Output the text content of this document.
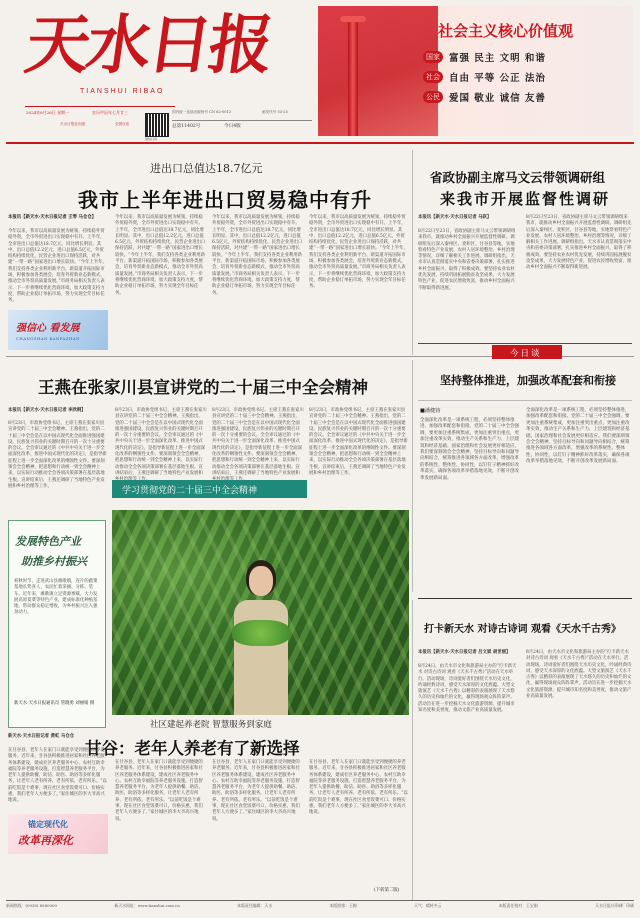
天水日报
TIANSHUI RIBAO
2024年8月26日 星期一	农历甲辰年七月廿三
天水日报社出版	全国百佳
微信扫码
国内统一连续出版物号 CN 62-0013	邮发代号 53-25
总第11402号	今日4版
社会主义核心价值观
国家 富强 民主 文明 和谐
社会 自由 平等 公正 法治
公民 爱国 敬业 诚信 友善
进出口总值达18.7亿元
我市上半年进出口贸易稳中有升
本报讯【新天水·天水日报记者 王琴 马仓仓】
今年以来，我市以高质量发展为统领，持续稳外贸稳外资，全市外贸进出口实现稳中有升。上半年，全市进出口总值达18.7亿元，同比增长明显。其中，出口总值12.2亿元，进口总值6.5亿元，外贸结构持续优化，民营企业进出口保持活跃，对共建“一带一路”国家进出口增长较快。“今年上半年，我们支持各类企业利用新平台、新渠道开拓国际市场，积极参加各类展会，培育外贸新业态新模式，推动全市外贸高质量发展。”市商务局相关负责人表示，下一步将继续优化营商环境，加大政策支持力度，帮助企业稳订单拓市场，努力实现全年目标任务。
强信心 看发展
CHANGSHAN KANFAZHAN
今年以来，我市以高质量发展为统领，持续稳外贸稳外资，全市外贸进出口实现稳中有升。上半年，全市进出口总值达18.7亿元，同比增长明显。其中，出口总值12.2亿元，进口总值6.5亿元，外贸结构持续优化，民营企业进出口保持活跃，对共建“一带一路”国家进出口增长较快。“今年上半年，我们支持各类企业利用新平台、新渠道开拓国际市场，积极参加各类展会，培育外贸新业态新模式，推动全市外贸高质量发展。”市商务局相关负责人表示，下一步将继续优化营商环境，加大政策支持力度，帮助企业稳订单拓市场，努力实现全年目标任务。
今年以来，我市以高质量发展为统领，持续稳外贸稳外资，全市外贸进出口实现稳中有升。上半年，全市进出口总值达18.7亿元，同比增长明显。其中，出口总值12.2亿元，进口总值6.5亿元，外贸结构持续优化，民营企业进出口保持活跃，对共建“一带一路”国家进出口增长较快。“今年上半年，我们支持各类企业利用新平台、新渠道开拓国际市场，积极参加各类展会，培育外贸新业态新模式，推动全市外贸高质量发展。”市商务局相关负责人表示，下一步将继续优化营商环境，加大政策支持力度，帮助企业稳订单拓市场，努力实现全年目标任务。
今年以来，我市以高质量发展为统领，持续稳外贸稳外资，全市外贸进出口实现稳中有升。上半年，全市进出口总值达18.7亿元，同比增长明显。其中，出口总值12.2亿元，进口总值6.5亿元，外贸结构持续优化，民营企业进出口保持活跃，对共建“一带一路”国家进出口增长较快。“今年上半年，我们支持各类企业利用新平台、新渠道开拓国际市场，积极参加各类展会，培育外贸新业态新模式，推动全市外贸高质量发展。”市商务局相关负责人表示，下一步将继续优化营商环境，加大政策支持力度，帮助企业稳订单拓市场，努力实现全年目标任务。
省政协副主席马文云带领调研组
来我市开展监督性调研
本报讯【新天水·天水日报记者 马跃】
8月22日至23日，省政协副主席马文云带领调研组来我市，就推动乡村全面振兴开展监督性调研。调研组先后深入秦州区、麦积区、甘谷县等地，实地察看特色产业发展、农村人居环境整治、乡村治理等情况，详细了解相关工作进展。调研组指出，天水市认真贯彻落实中央和省委决策部署，扎实推进乡村全面振兴，取得了积极成效。要坚持农业农村优先发展，持续巩固拓展脱贫攻坚成果，大力发展特色产业，促进农民增收致富，推动乡村全面振兴不断取得新进展。
8月22日至23日，省政协副主席马文云带领调研组来我市，就推动乡村全面振兴开展监督性调研。调研组先后深入秦州区、麦积区、甘谷县等地，实地察看特色产业发展、农村人居环境整治、乡村治理等情况，详细了解相关工作进展。调研组指出，天水市认真贯彻落实中央和省委决策部署，扎实推进乡村全面振兴，取得了积极成效。要坚持农业农村优先发展，持续巩固拓展脱贫攻坚成果，大力发展特色产业，促进农民增收致富，推动乡村全面振兴不断取得新进展。
王燕在张家川县宣讲党的二十届三中全会精神
本报讯【新天水·天水日报记者 李欣桐】
8月23日，市政协党组书记、主席王燕在张家川县宣讲党的二十届三中全会精神。王燕指出，党的二十届三中全会是在以中国式现代化全面推进强国建设、民族复兴伟业的关键时期召开的一次十分重要的会议。全会审议通过的《中共中央关于进一步全面深化改革、推进中国式现代化的决定》，是指导新征程上进一步全面深化改革的纲领性文件。要深刻领会全会精神，把思想和行动统一到全会精神上来，以实际行动推动全会各项决策部署在基层落地生根。宣讲结束后，王燕还调研了当地特色产业发展和乡村治理等工作。
8月23日，市政协党组书记、主席王燕在张家川县宣讲党的二十届三中全会精神。王燕指出，党的二十届三中全会是在以中国式现代化全面推进强国建设、民族复兴伟业的关键时期召开的一次十分重要的会议。全会审议通过的《中共中央关于进一步全面深化改革、推进中国式现代化的决定》，是指导新征程上进一步全面深化改革的纲领性文件。要深刻领会全会精神，把思想和行动统一到全会精神上来，以实际行动推动全会各项决策部署在基层落地生根。宣讲结束后，王燕还调研了当地特色产业发展和
8月23日，市政协党组书记、主席王燕在张家川县宣讲党的二十届三中全会精神。王燕指出，党的二十届三中全会是在以中国式现代化全面推进强国建设、民族复兴伟业的关键时期召开的一次十分重要的会议。全会审议通过的《中共中央关于进一步全面深化改革、推进中国式现代化的决定》，是指导新征程上进一步全面深化改革的纲领性文件。要深刻领会全会精神，把思想和行动统一到全会精神上来，以实际行动推动全会各项决策部署在基层落地生根。宣讲结束后，王燕还调研了当地特色产业发展和
8月23日，市政协党组书记、主席王燕在张家川县宣讲党的二十届三中全会精神。王燕指出，党的二十届三中全会是在以中国式现代化全面推进强国建设、民族复兴伟业的关键时期召开的一次十分重要的会议。全会审议通过的《中共中央关于进一步全面深化改革、推进中国式现代化的决定》，是指导新征程上进一步全面深化改革的纲领性文件。要深刻领会全会精神，把思想和行动统一到全会精神上来，以实际行动推动全会各项决策部署在基层落地生根。宣讲结束后，王燕还调研了当地特色产业发展和乡村治理等工作。
学习贯彻党的二十届三中全会精神
今日谈
坚持整体推进，加强改革配套和衔接
■潘健钧
全面深化改革是一项系统工程，必须坚持整体推进，加强改革配套和衔接。党的二十届三中全会强调，要更加注重系统集成，更加注重突出重点，更加注重改革实效，推动生产关系和生产力、上层建筑和经济基础、国家治理和社会发展更好相适应。我们要深刻领会全会精神，坚持目标导向和问题导向相结合，统筹推进各领域各方面改革，增强改革的系统性、整体性、协同性，以钉钉子精神抓好改革落实，确保各项改革举措落地见效，不断开创改革发展新局面。
全面深化改革是一项系统工程，必须坚持整体推进，加强改革配套和衔接。党的二十届三中全会强调，要更加注重系统集成，更加注重突出重点，更加注重改革实效，推动生产关系和生产力、上层建筑和经济基础、国家治理和社会发展更好相适应。我们要深刻领会全会精神，坚持目标导向和问题导向相结合，统筹推进各领域各方面改革，增强改革的系统性、整体性、协同性，以钉钉子精神抓好改革落实，确保各项改革举措落地见效，不断开创改革发展新局面。
发展特色产业
助推乡村振兴
初秋时节，走进武山县滩歌镇，连片的蔬菜基地长势喜人，农民忙着采摘、分拣、装车。近年来，滩歌镇立足资源禀赋，大力发展高原夏菜等特色产业，建成标准化种植基地，带动群众稳定增收，为乡村振兴注入强劲动力。
新天水·天水日报通讯员 管晓勇 刘丽娟 摄
社区建起养老院 智慧服务到家庭
甘谷：老年人养老有了新选择
新天水·天水日报记者 黄虹 马仓仓
在甘谷县，老年人在家门口就能享受到便捷的养老服务。近年来，甘谷县积极推进居家和社区养老服务体系建设，建成社区养老服务中心、农村互助幸福院等养老服务设施，打造智慧养老服务平台，为老年人提供助餐、助洁、助医、助浴等多样化服务，让老年人老有所养、老有所依、老有所乐。“以前吃饭是个难事，现在社区食堂饭菜可口、价格实惠，我们老年人方便多了。”家住城区的李大爷高兴地说。
锚定现代化
改革再深化
在甘谷县，老年人在家门口就能享受到便捷的养老服务。近年来，甘谷县积极推进居家和社区养老服务体系建设，建成社区养老服务中心、农村互助幸福院等养老服务设施，打造智慧养老服务平台，为老年人提供助餐、助洁、助医、助浴等多样化服务，让老年人老有所养、老有所依、老有所乐。“以前吃饭是个难事，现在社区食堂饭菜可口、价格实惠，我们老年人方便多了。”家住城区的李大爷高兴地说。
在甘谷县，老年人在家门口就能享受到便捷的养老服务。近年来，甘谷县积极推进居家和社区养老服务体系建设，建成社区养老服务中心、农村互助幸福院等养老服务设施，打造智慧养老服务平台，为老年人提供助餐、助洁、助医、助浴等多样化服务，让老年人老有所养、老有所依、老有所乐。“以前吃饭是个难事，现在社区食堂饭菜可口、价格实惠，我们老年人方便多了。”家住城区的李大爷高兴地说。
在甘谷县，老年人在家门口就能享受到便捷的养老服务。近年来，甘谷县积极推进居家和社区养老服务体系建设，建成社区养老服务中心、农村互助幸福院等养老服务设施，打造智慧养老服务平台，为老年人提供助餐、助洁、助医、助浴等多样化服务，让老年人老有所养、老有所依、老有所乐。“以前吃饭是个难事，现在社区食堂饭菜可口、价格实惠，我们老年人方便多了。”家住城区的李大爷高兴地说。
(下转第二版)
打卡新天水 对诗古诗词 观看《天水千古秀》
本报讯【新天水·天水日报记者 吕文斌 胡世丽】
8月24日，由天水市文化和旅游局主办的“打卡新天水 对诗古诗词 观看《天水千古秀》”活动在天水举行。活动现场，诗词爱好者们围绕天水历史文化，吟诵经典诗词，感受天水深厚的文化底蕴。大型文旅演艺《天水千古秀》以精彩的表演展现了天水悠久的历史和灿烂的文化，赢得现场观众阵阵掌声。活动旨在进一步挖掘天水文化旅游资源，提升城市知名度和美誉度，推动文旅产业高质量发展。
8月24日，由天水市文化和旅游局主办的“打卡新天水 对诗古诗词 观看《天水千古秀》”活动在天水举行。活动现场，诗词爱好者们围绕天水历史文化，吟诵经典诗词，感受天水深厚的文化底蕴。大型文旅演艺《天水千古秀》以精彩的表演展现了天水悠久的历史和灿烂的文化，赢得现场观众阵阵掌声。活动旨在进一步挖掘天水文化旅游资源，提升城市知名度和美誉度，推动文旅产业高质量发展。
新闻热线：(0938) 8880000	新天水网址：www.tianshui.com.cn	本版责任编辑：天水	本版照排：王梅	天气：晴转多云	本版责任校对：王宝刚	天水日报社印刷厂印刷
